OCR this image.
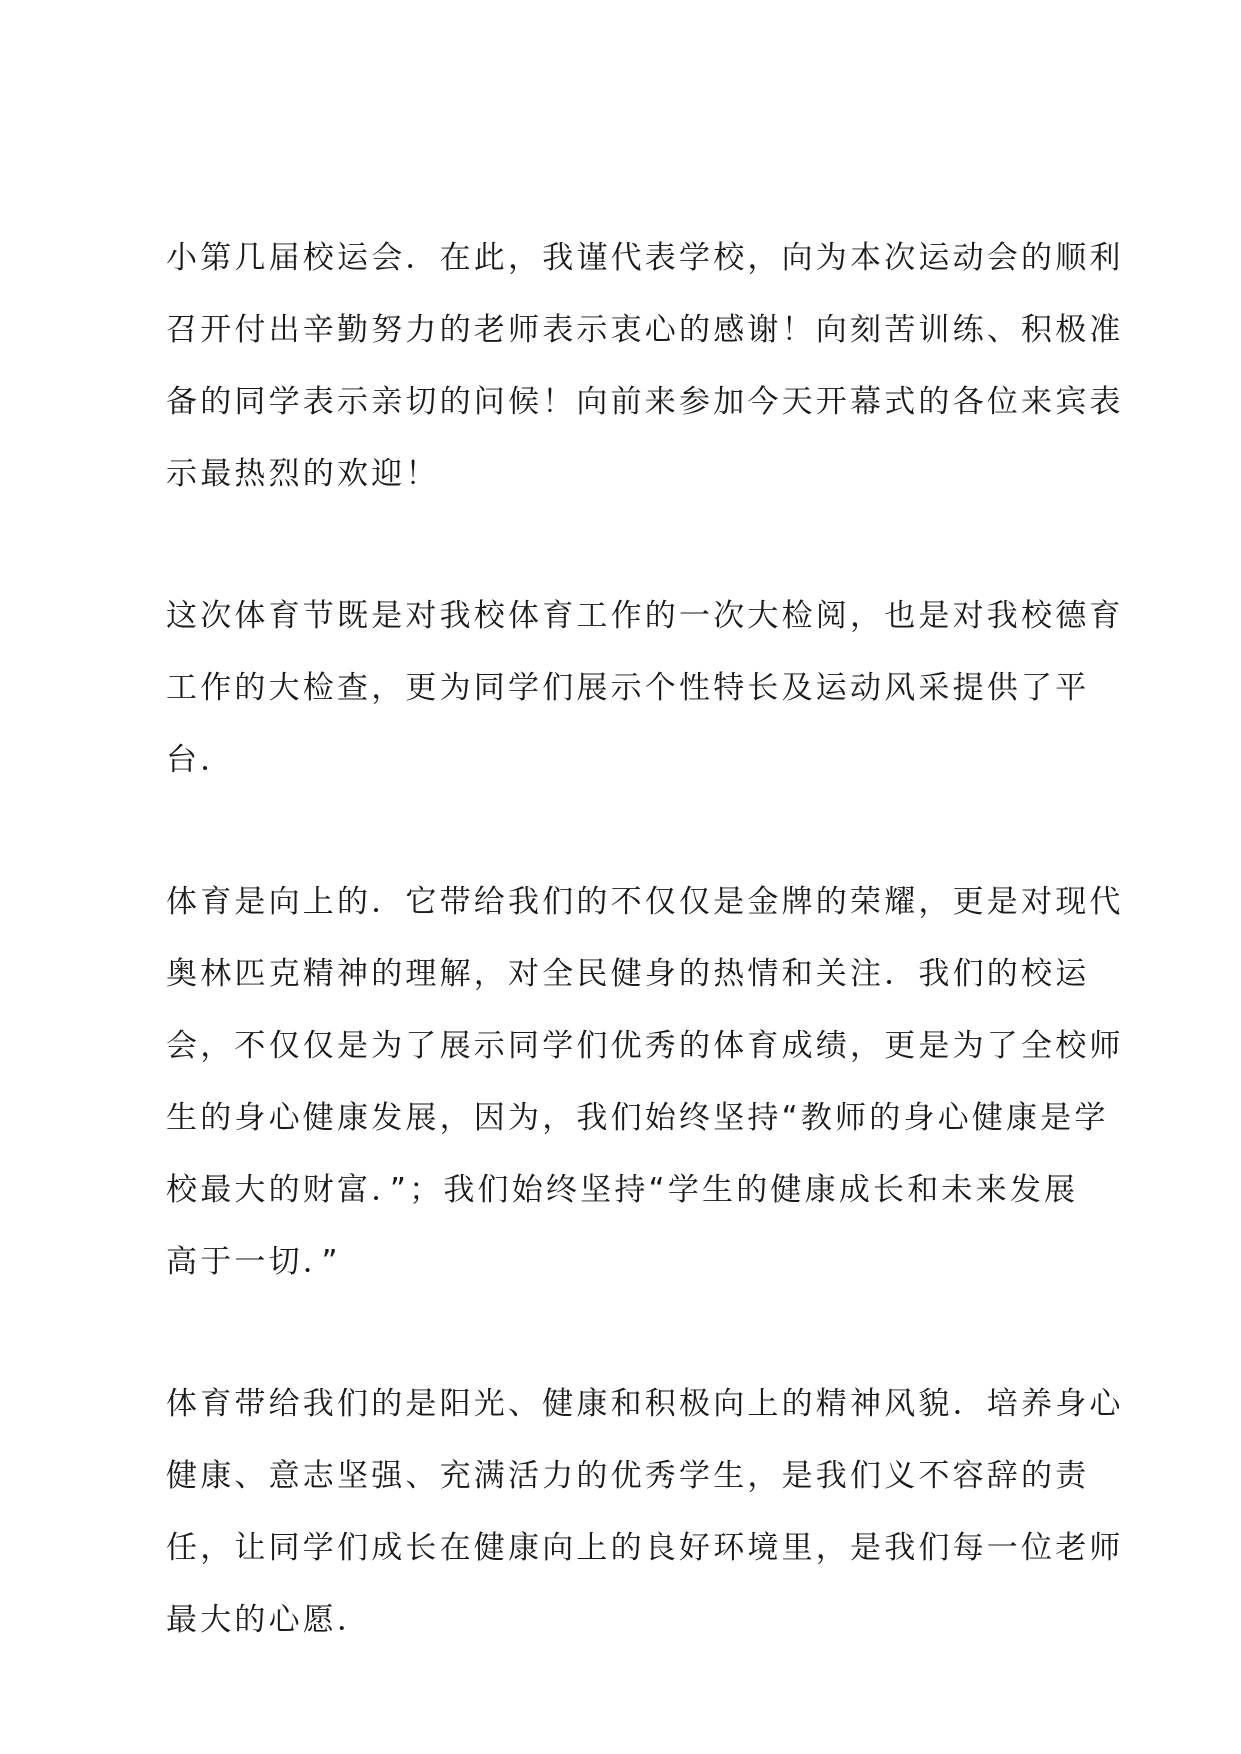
小第几届校运会．在此，我谨代表学校，向为本次运动会的顺利
召开付出辛勤努力的老师表示衷心的感谢！向刻苦训练、积极准
备的同学表示亲切的问候！向前来参加今天开幕式的各位来宾表
示最热烈的欢迎！
这次体育节既是对我校体育工作的一次大检阅，也是对我校德育
工作的大检查，更为同学们展示个性特长及运动风采提供了平
台．
体育是向上的．它带给我们的不仅仅是金牌的荣耀，更是对现代
奥林匹克精神的理解，对全民健身的热情和关注．我们的校运
会，不仅仅是为了展示同学们优秀的体育成绩，更是为了全校师
生的身心健康发展，因为，我们始终坚持“教师的身心健康是学
校最大的财富．”；我们始终坚持“学生的健康成长和未来发展
高于一切．”
体育带给我们的是阳光、健康和积极向上的精神风貌．培养身心
健康、意志坚强、充满活力的优秀学生，是我们义不容辞的责
任，让同学们成长在健康向上的良好环境里，是我们每一位老师
最大的心愿．
